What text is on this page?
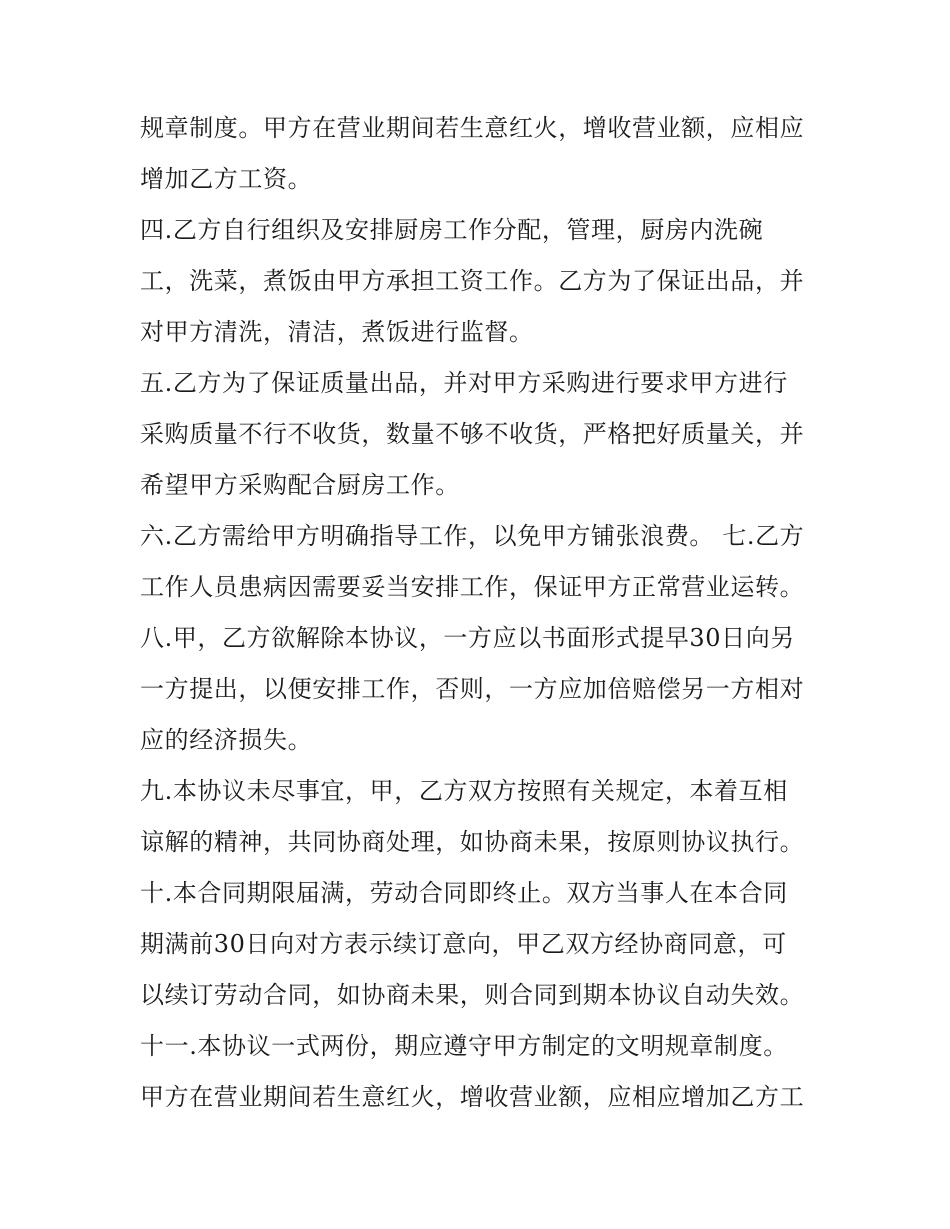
规章制度。甲方在营业期间若生意红火，增收营业额，应相应
增加乙方工资。
四.乙方自行组织及安排厨房工作分配，管理，厨房内洗碗
工，洗菜，煮饭由甲方承担工资工作。乙方为了保证出品，并
对甲方清洗，清洁，煮饭进行监督。
五.乙方为了保证质量出品，并对甲方采购进行要求甲方进行
采购质量不行不收货，数量不够不收货，严格把好质量关，并
希望甲方采购配合厨房工作。
六.乙方需给甲方明确指导工作，以免甲方铺张浪费。 七.乙方
工作人员患病因需要妥当安排工作，保证甲方正常营业运转。
八.甲，乙方欲解除本协议，一方应以书面形式提早30日向另
一方提出，以便安排工作，否则，一方应加倍赔偿另一方相对
应的经济损失。
九.本协议未尽事宜，甲，乙方双方按照有关规定，本着互相
谅解的精神，共同协商处理，如协商未果，按原则协议执行。
十.本合同期限届满，劳动合同即终止。双方当事人在本合同
期满前30日向对方表示续订意向，甲乙双方经协商同意，可
以续订劳动合同，如协商未果，则合同到期本协议自动失效。
十一.本协议一式两份，期应遵守甲方制定的文明规章制度。
甲方在营业期间若生意红火，增收营业额，应相应增加乙方工
